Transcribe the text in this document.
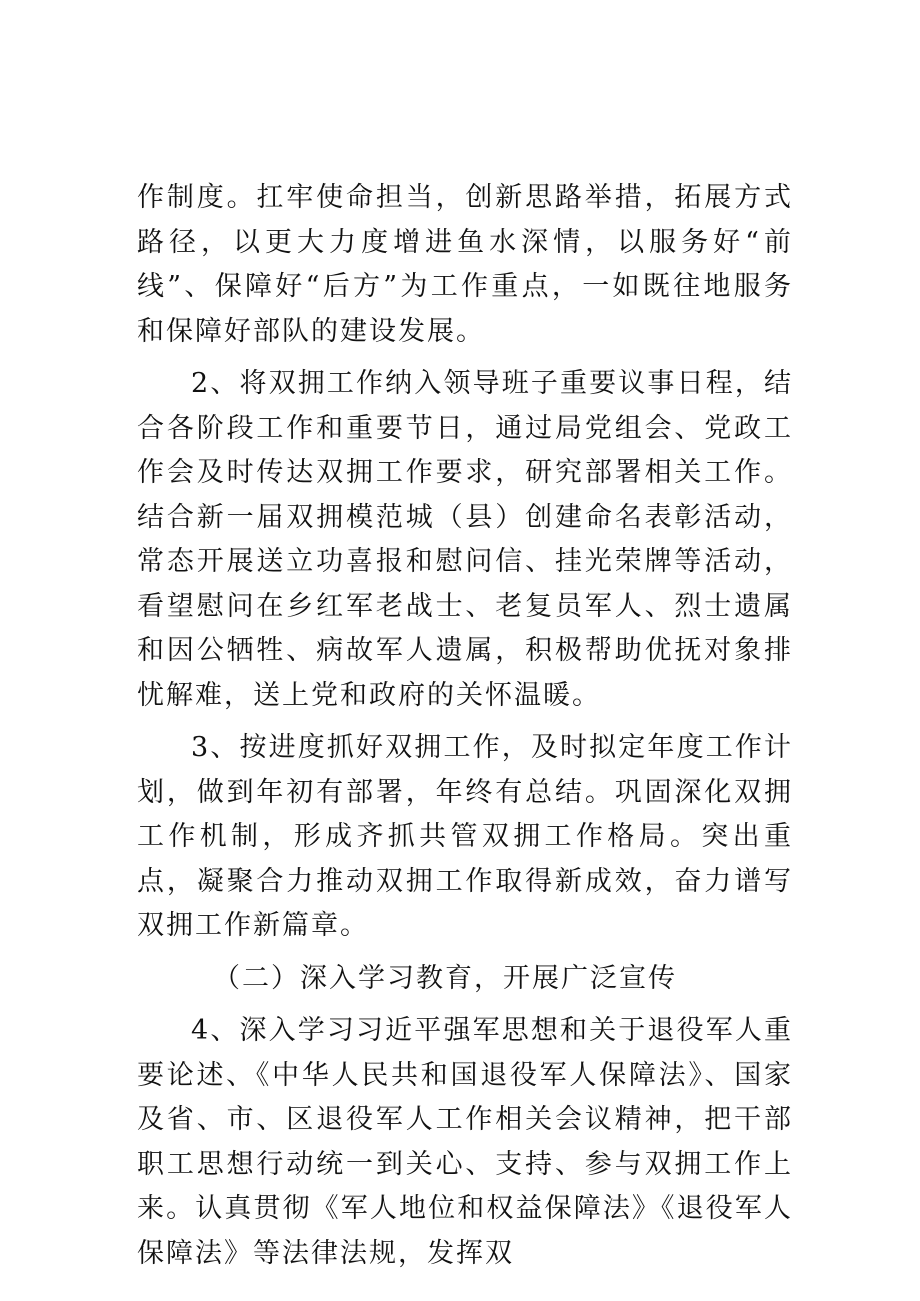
作制度。扛牢使命担当，创新思路举措，拓展方式路径，以更大力度增进鱼水深情，以服务好“前线”、保障好“后方”为工作重点，一如既往地服务和保障好部队的建设发展。

2、将双拥工作纳入领导班子重要议事日程，结合各阶段工作和重要节日，通过局党组会、党政工作会及时传达双拥工作要求，研究部署相关工作。结合新一届双拥模范城（县）创建命名表彰活动，常态开展送立功喜报和慰问信、挂光荣牌等活动，看望慰问在乡红军老战士、老复员军人、烈士遗属和因公牺牲、病故军人遗属，积极帮助优抚对象排忧解难，送上党和政府的关怀温暖。

3、按进度抓好双拥工作，及时拟定年度工作计划，做到年初有部署，年终有总结。巩固深化双拥工作机制，形成齐抓共管双拥工作格局。突出重点，凝聚合力推动双拥工作取得新成效，奋力谱写双拥工作新篇章。

（二）深入学习教育，开展广泛宣传

4、深入学习习近平强军思想和关于退役军人重要论述、《中华人民共和国退役军人保障法》、国家及省、市、区退役军人工作相关会议精神，把干部职工思想行动统一到关心、支持、参与双拥工作上来。认真贯彻《军人地位和权益保障法》《退役军人保障法》等法律法规，发挥双
